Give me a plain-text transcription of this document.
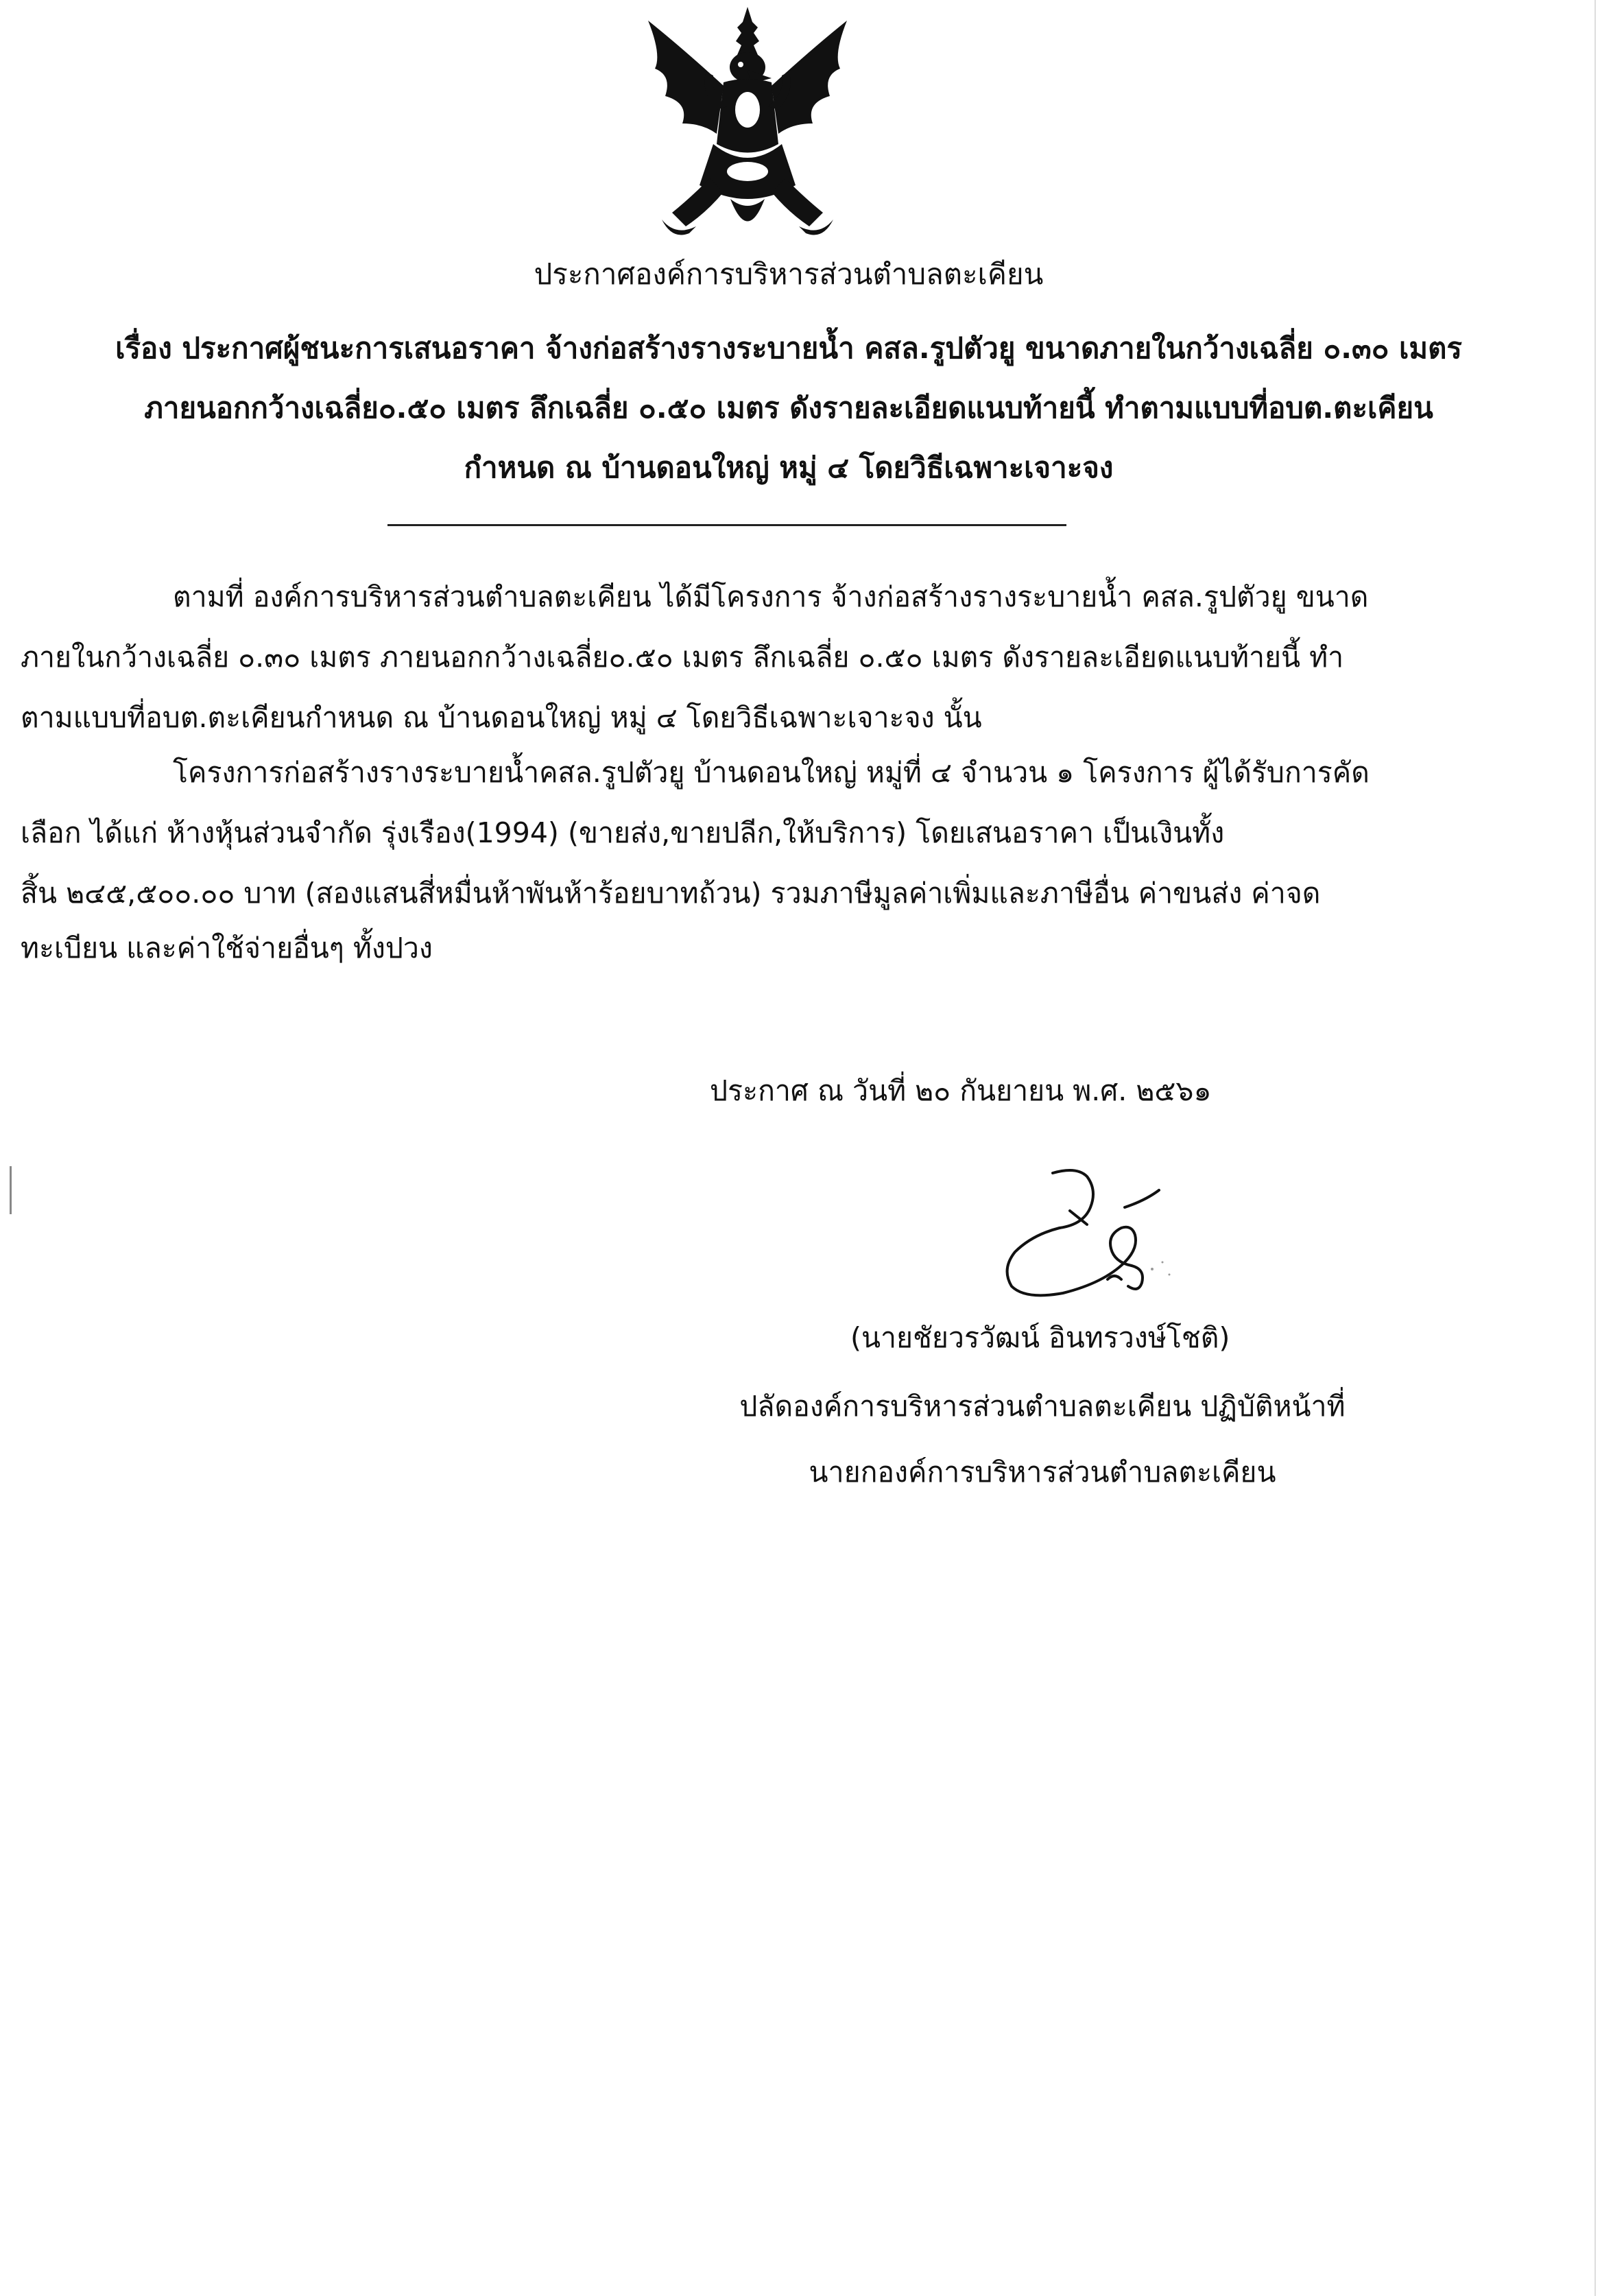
ประกาศองค์การบริหารส่วนตำบลตะเคียน
เรื่อง ประกาศผู้ชนะการเสนอราคา จ้างก่อสร้างรางระบายน้ำ คสล.รูปตัวยู ขนาดภายในกว้างเฉลี่ย ๐.๓๐ เมตร
ภายนอกกว้างเฉลี่ย๐.๕๐ เมตร ลึกเฉลี่ย ๐.๕๐ เมตร ดังรายละเอียดแนบท้ายนี้ ทำตามแบบที่อบต.ตะเคียน
กำหนด ณ บ้านดอนใหญ่ หมู่ ๔ โดยวิธีเฉพาะเจาะจง
ตามที่ องค์การบริหารส่วนตำบลตะเคียน ได้มีโครงการ จ้างก่อสร้างรางระบายน้ำ คสล.รูปตัวยู ขนาด
ภายในกว้างเฉลี่ย ๐.๓๐ เมตร ภายนอกกว้างเฉลี่ย๐.๕๐ เมตร ลึกเฉลี่ย ๐.๕๐ เมตร ดังรายละเอียดแนบท้ายนี้ ทำ
ตามแบบที่อบต.ตะเคียนกำหนด ณ บ้านดอนใหญ่ หมู่ ๔ โดยวิธีเฉพาะเจาะจง นั้น
โครงการก่อสร้างรางระบายน้ำคสล.รูปตัวยู บ้านดอนใหญ่ หมู่ที่ ๔ จำนวน ๑ โครงการ ผู้ได้รับการคัด
เลือก ได้แก่ ห้างหุ้นส่วนจำกัด รุ่งเรือง(1994) (ขายส่ง,ขายปลีก,ให้บริการ) โดยเสนอราคา เป็นเงินทั้ง
สิ้น ๒๔๕,๕๐๐.๐๐ บาท (สองแสนสี่หมื่นห้าพันห้าร้อยบาทถ้วน) รวมภาษีมูลค่าเพิ่มและภาษีอื่น ค่าขนส่ง ค่าจด
ทะเบียน และค่าใช้จ่ายอื่นๆ ทั้งปวง
ประกาศ ณ วันที่ ๒๐ กันยายน พ.ศ. ๒๕๖๑
(นายชัยวรวัฒน์ อินทรวงษ์โชติ)
ปลัดองค์การบริหารส่วนตำบลตะเคียน ปฏิบัติหน้าที่
นายกองค์การบริหารส่วนตำบลตะเคียน
